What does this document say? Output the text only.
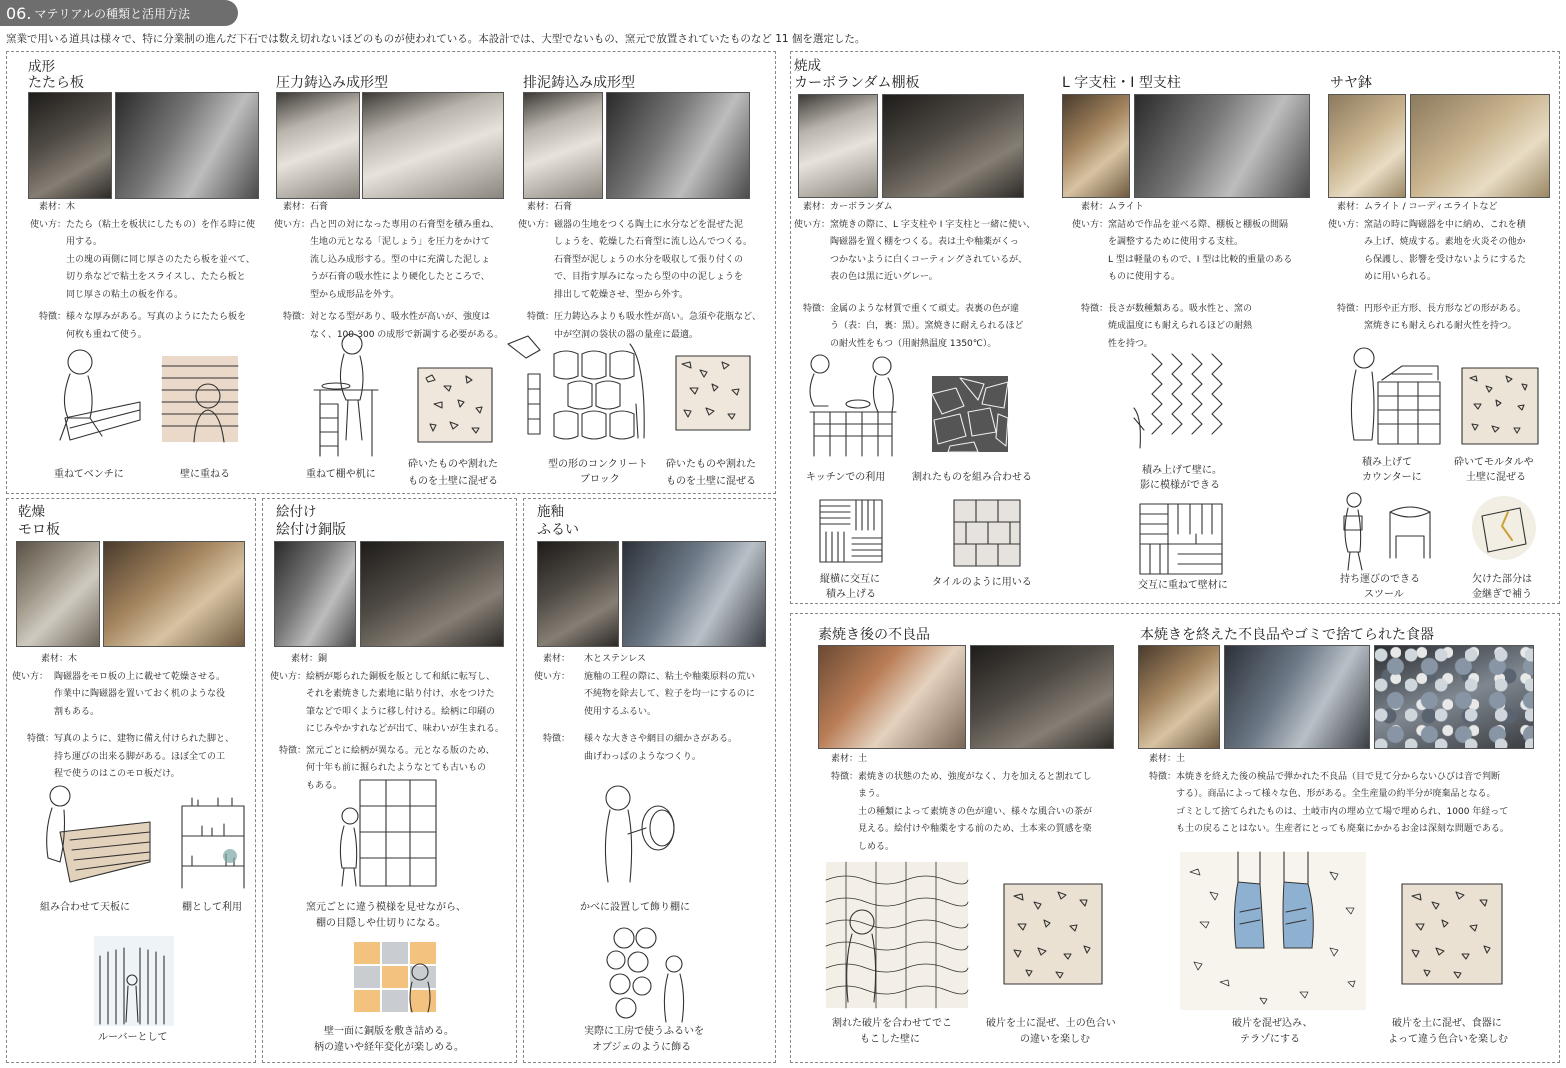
06. マテリアルの種類と活用方法
窯業で用いる道具は様々で、特に分業制の進んだ下石では数え切れないほどのものが使われている。本設計では、大型でないもの、窯元で放置されていたものなど 11 個を選定した。
成形
たたら板
素材： 木
使い方： たたら（粘土を板状にしたもの）を作る時に使
用する。
土の塊の両側に同じ厚さのたたら板を並べて、
切り糸などで粘土をスライスし、たたら板と
同じ厚さの粘土の板を作る。
特徴： 様々な厚みがある。写真のようにたたら板を
何枚も重ねて使う。
重ねてベンチに	壁に重ねる
圧力鋳込み成形型
素材： 石膏
使い方： 凸と凹の対になった専用の石膏型を積み重ね、
生地の元となる「泥しょう」を圧力をかけて
流し込み成形する。型の中に充満した泥しょ
うが石膏の吸水性により硬化したところで、
型から成形品を外す。
特徴： 対となる型があり、吸水性が高いが、強度は
なく、100-300 の成形で新調する必要がある。
重ねて棚や机に
砕いたものや割れた
ものを土壁に混ぜる
排泥鋳込み成形型
素材： 石膏
使い方： 磁器の生地をつくる陶土に水分などを混ぜた泥
しょうを、乾燥した石膏型に流し込んでつくる。
石膏型が泥しょうの水分を吸収して張り付くの
で、目指す厚みになったら型の中の泥しょうを
排出して乾燥させ、型から外す。
特徴： 圧力鋳込みよりも吸水性が高い。急須や花瓶など、
中が空洞の袋状の器の量産に最適。
型の形のコンクリート
ブロック
砕いたものや割れた
ものを土壁に混ぜる
焼成
カーボランダム棚板
素材： カーボランダム
使い方： 窯焼きの際に、L 字支柱や I 字支柱と一緒に使い、
陶磁器を置く棚をつくる。表は土や釉薬がくっ
つかないように白くコーティングされているが、
表の色は黒に近いグレー。
特徴： 金属のような材質で重くて頑丈。表裏の色が違
う（表：白，裏：黒）。窯焼きに耐えられるほど
の耐火性をもつ（用耐熱温度 1350℃）。
キッチンでの利用	割れたものを組み合わせる
縦横に交互に
積み上げる
タイルのように用いる
L 字支柱・I 型支柱
素材： ムライト
使い方： 窯詰めで作品を並べる際、棚板と棚板の間隔
を調整するために使用する支柱。
L 型は軽量のもので、I 型は比較的重量のある
ものに使用する。
特徴： 長さが数種類ある。吸水性と、窯の
焼成温度にも耐えられるほどの耐熱
性を持つ。
積み上げて壁に。
影に模様ができる
交互に重ねて壁材に
サヤ鉢
素材： ムライト / コーディエライトなど
使い方： 窯詰の時に陶磁器を中に納め、これを積
み上げ、焼成する。素地を火炎その他か
ら保護し、影響を受けないようにするた
めに用いられる。
特徴： 円形や正方形、長方形などの形がある。
窯焼きにも耐えられる耐火性を持つ。
積み上げて
カウンターに
砕いてモルタルや
土壁に混ぜる
持ち運びのできる
スツール
欠けた部分は
金継ぎで補う
乾燥
モロ板
素材： 木
使い方： 陶磁器をモロ板の上に載せて乾燥させる。
作業中に陶磁器を置いておく机のような役
割もある。
特徴： 写真のように、建物に備え付けられた脚と、
持ち運びの出来る脚がある。ほぼ全ての工
程で使うのはこのモロ板だけ。
組み合わせて天板に	棚として利用
ルーバーとして
絵付け
絵付け銅版
素材： 銅
使い方： 絵柄が彫られた銅板を版として和紙に転写し、
それを素焼きした素地に貼り付け、水をつけた
筆などで叩くように移し付ける。絵柄に印刷の
にじみやかすれなどが出て、味わいが生まれる。
特徴： 窯元ごとに絵柄が異なる。元となる版のため、
何十年も前に掘られたようなとても古いもの
もある。
窯元ごとに違う模様を見せながら、
棚の目隠しや仕切りになる。
壁一面に銅版を敷き詰める。
柄の違いや経年変化が楽しめる。
施釉
ふるい
素材： 木とステンレス
使い方： 施釉の工程の際に、粘土や釉薬原料の荒い
不純物を除去して、粒子を均一にするのに
使用するふるい。
特徴： 様々な大きさや網目の細かさがある。
曲げわっぱのようなつくり。
かべに設置して飾り棚に
実際に工房で使うふるいを
オブジェのように飾る
素焼き後の不良品
素材： 土
特徴： 素焼きの状態のため、強度がなく、力を加えると割れてし
まう。
土の種類によって素焼きの色が違い、様々な風合いの茶が
見える。絵付けや釉薬をする前のため、土本来の質感を楽
しめる。
割れた破片を合わせてでこ
もこした壁に
破片を土に混ぜ、土の色合い
の違いを楽しむ
本焼きを終えた不良品やゴミで捨てられた食器
素材： 土
特徴： 本焼きを終えた後の検品で弾かれた不良品（目で見て分からないひびは音で判断
する）。商品によって様々な色、形がある。全生産量の約半分が廃棄品となる。
ゴミとして捨てられたものは、土岐市内の埋め立て場で埋められ、1000 年経って
も土の戻ることはない。生産者にとっても廃棄にかかるお金は深刻な問題である。
破片を混ぜ込み、
テラゾにする
破片を土に混ぜ、食器に
よって違う色合いを楽しむ
